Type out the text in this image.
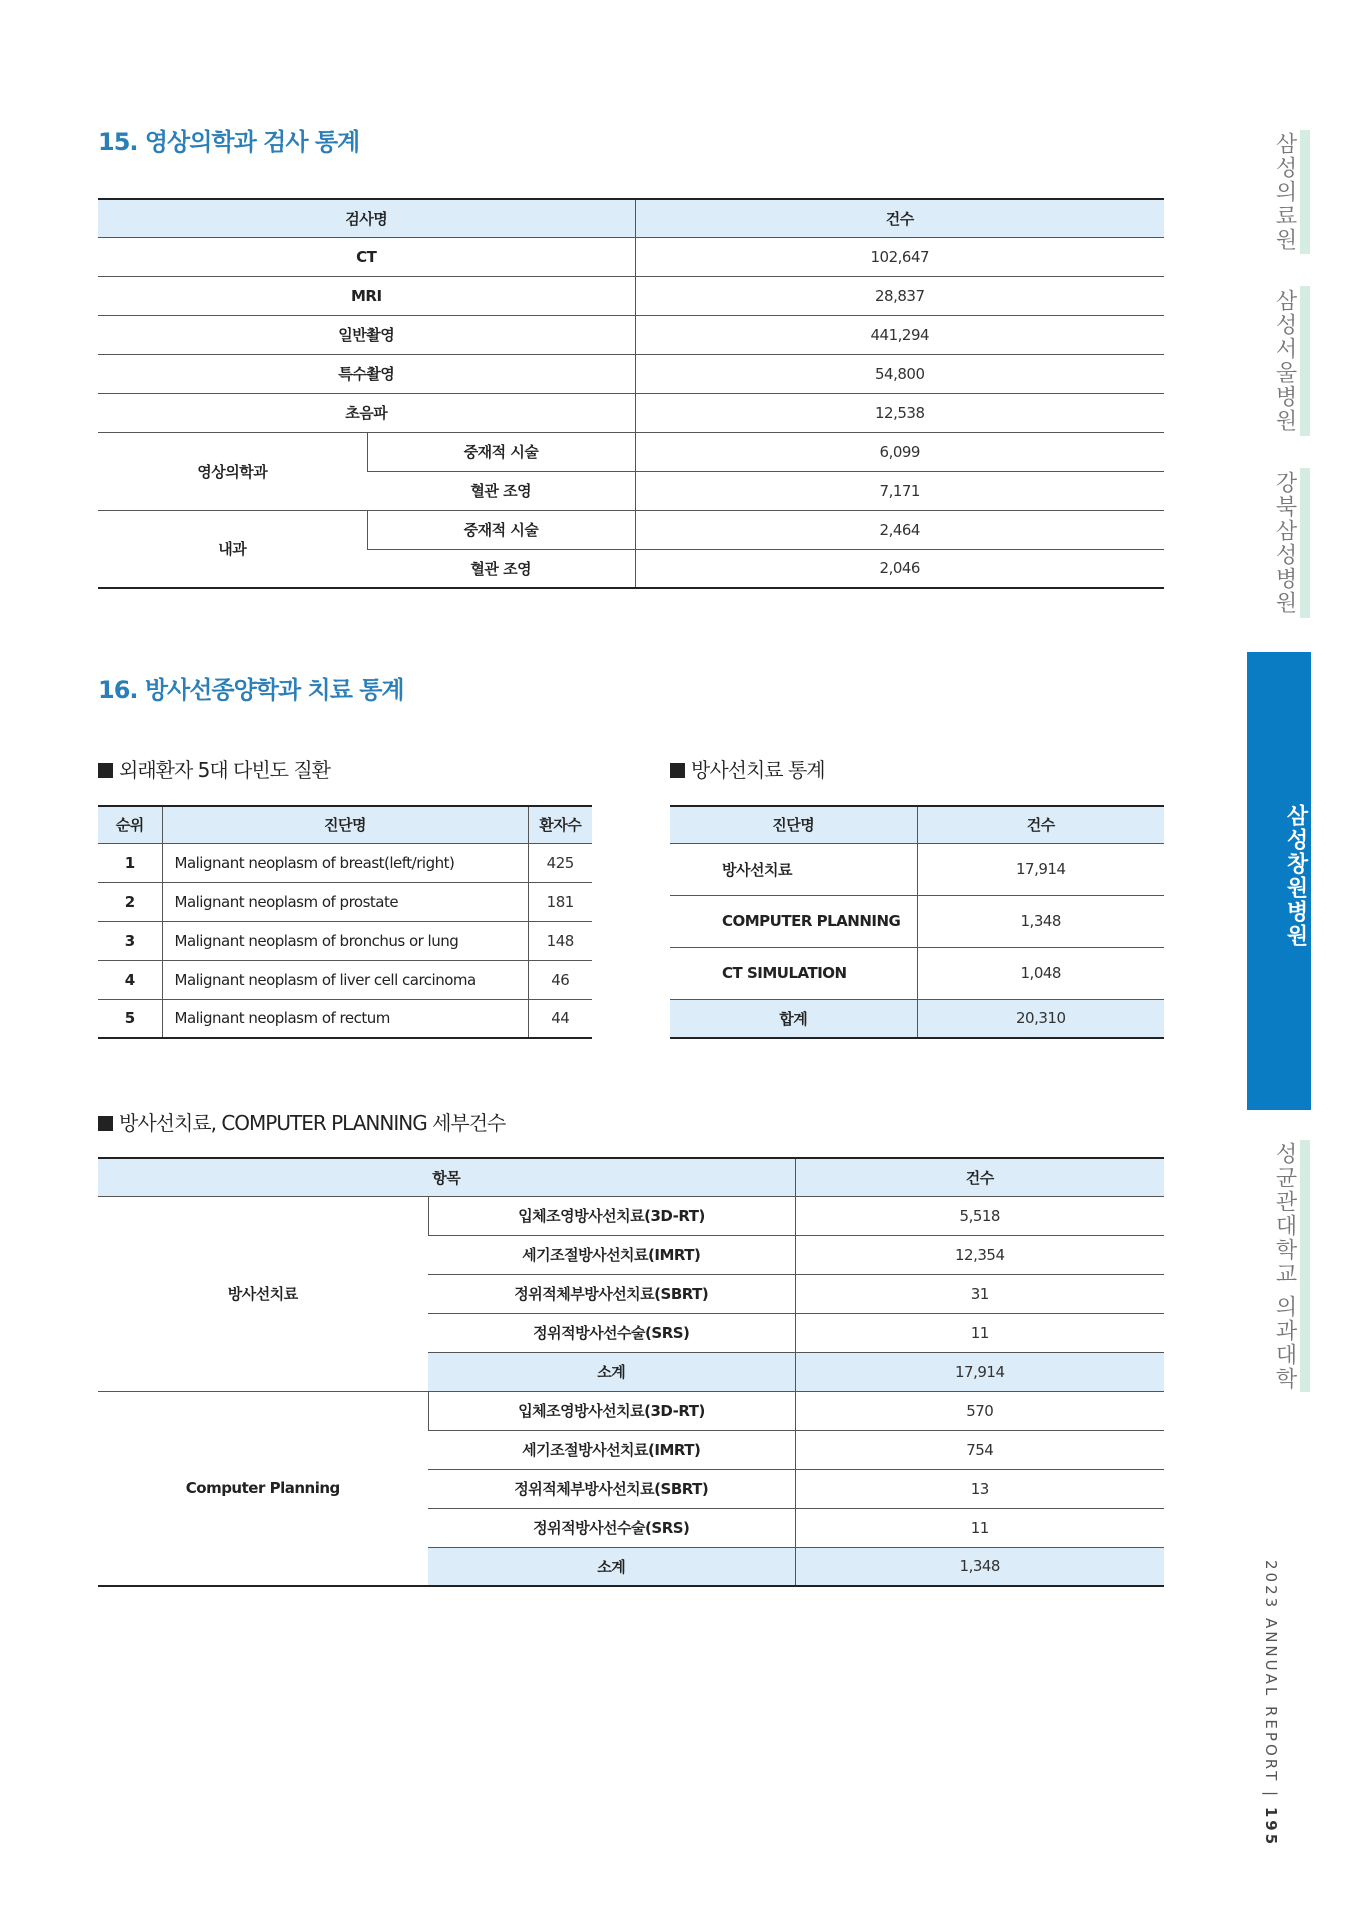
15. 영상의학과 검사 통계
검사명		건수
CT		102,647
MRI		28,837
일반촬영		441,294
특수촬영		54,800
초음파		12,538
영상의학과	중재적 시술	6,099
	혈관 조영	7,171
내과	중재적 시술	2,464
	혈관 조영	2,046
16. 방사선종양학과 치료 통계
외래환자 5대 다빈도 질환
순위	진단명	환자수
1	Malignant neoplasm of breast(left/right)	425
2	Malignant neoplasm of prostate	181
3	Malignant neoplasm of bronchus or lung	148
4	Malignant neoplasm of liver cell carcinoma	46
5	Malignant neoplasm of rectum	44
방사선치료 통계
진단명	건수
방사선치료	17,914
COMPUTER PLANNING	1,348
CT SIMULATION	1,048
합계	20,310
방사선치료, COMPUTER PLANNING 세부건수
항목		건수
방사선치료	입체조영방사선치료(3D-RT)	5,518
	세기조절방사선치료(IMRT)	12,354
	정위적체부방사선치료(SBRT)	31
	정위적방사선수술(SRS)	11
	소계	17,914
Computer Planning	입체조영방사선치료(3D-RT)	570
	세기조절방사선치료(IMRT)	754
	정위적체부방사선치료(SBRT)	13
	정위적방사선수술(SRS)	11
	소계	1,348
삼성의료원
삼성서울병원
강북삼성병원
삼성창원병원
성균관대학교 의과대학
2023 ANNUAL REPORT | 195
